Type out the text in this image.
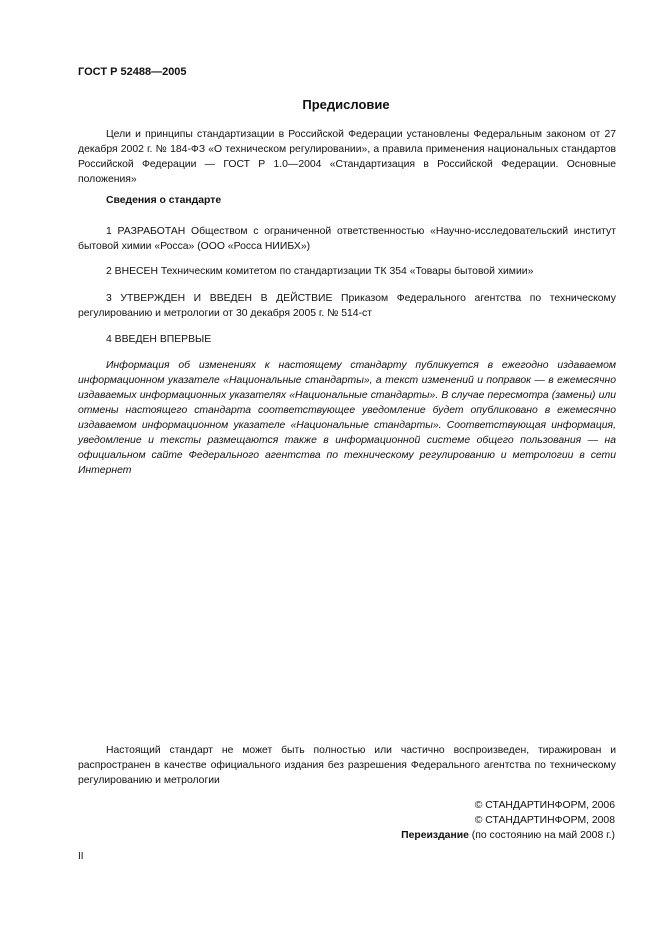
ГОСТ Р 52488—2005
Предисловие

Цели и принципы стандартизации в Российской Федерации установлены Федеральным законом от 27 декабря 2002 г. № 184-ФЗ «О техническом регулировании», а правила применения национальных стандартов Российской Федерации — ГОСТ Р 1.0—2004 «Стандартизация в Российской Федерации. Основные положения»

Сведения о стандарте

1 РАЗРАБОТАН Обществом с ограниченной ответственностью «Научно-исследовательский институт бытовой химии «Росса» (ООО «Росса НИИБХ»)

2 ВНЕСЕН Техническим комитетом по стандартизации ТК 354 «Товары бытовой химии»

3 УТВЕРЖДЕН И ВВЕДЕН В ДЕЙСТВИЕ Приказом Федерального агентства по техническому регулированию и метрологии от 30 декабря 2005 г. № 514-ст

4 ВВЕДЕН ВПЕРВЫЕ

Информация об изменениях к настоящему стандарту публикуется в ежегодно издаваемом информационном указателе «Национальные стандарты», а текст изменений и поправок — в ежемесячно издаваемых информационных указателях «Национальные стандарты». В случае пересмотра (замены) или отмены настоящего стандарта соответствующее уведомление будет опубликовано в ежемесячно издаваемом информационном указателе «Национальные стандарты». Соответствующая информация, уведомление и тексты размещаются также в информационной системе общего пользования — на официальном сайте Федерального агентства по техническому регулированию и метрологии в сети Интернет

Настоящий стандарт не может быть полностью или частично воспроизведен, тиражирован и распространен в качестве официального издания без разрешения Федерального агентства по техническому регулированию и метрологии

© СТАНДАРТИНФОРМ, 2006
© СТАНДАРТИНФОРМ, 2008
Переиздание (по состоянию на май 2008 г.)
II
